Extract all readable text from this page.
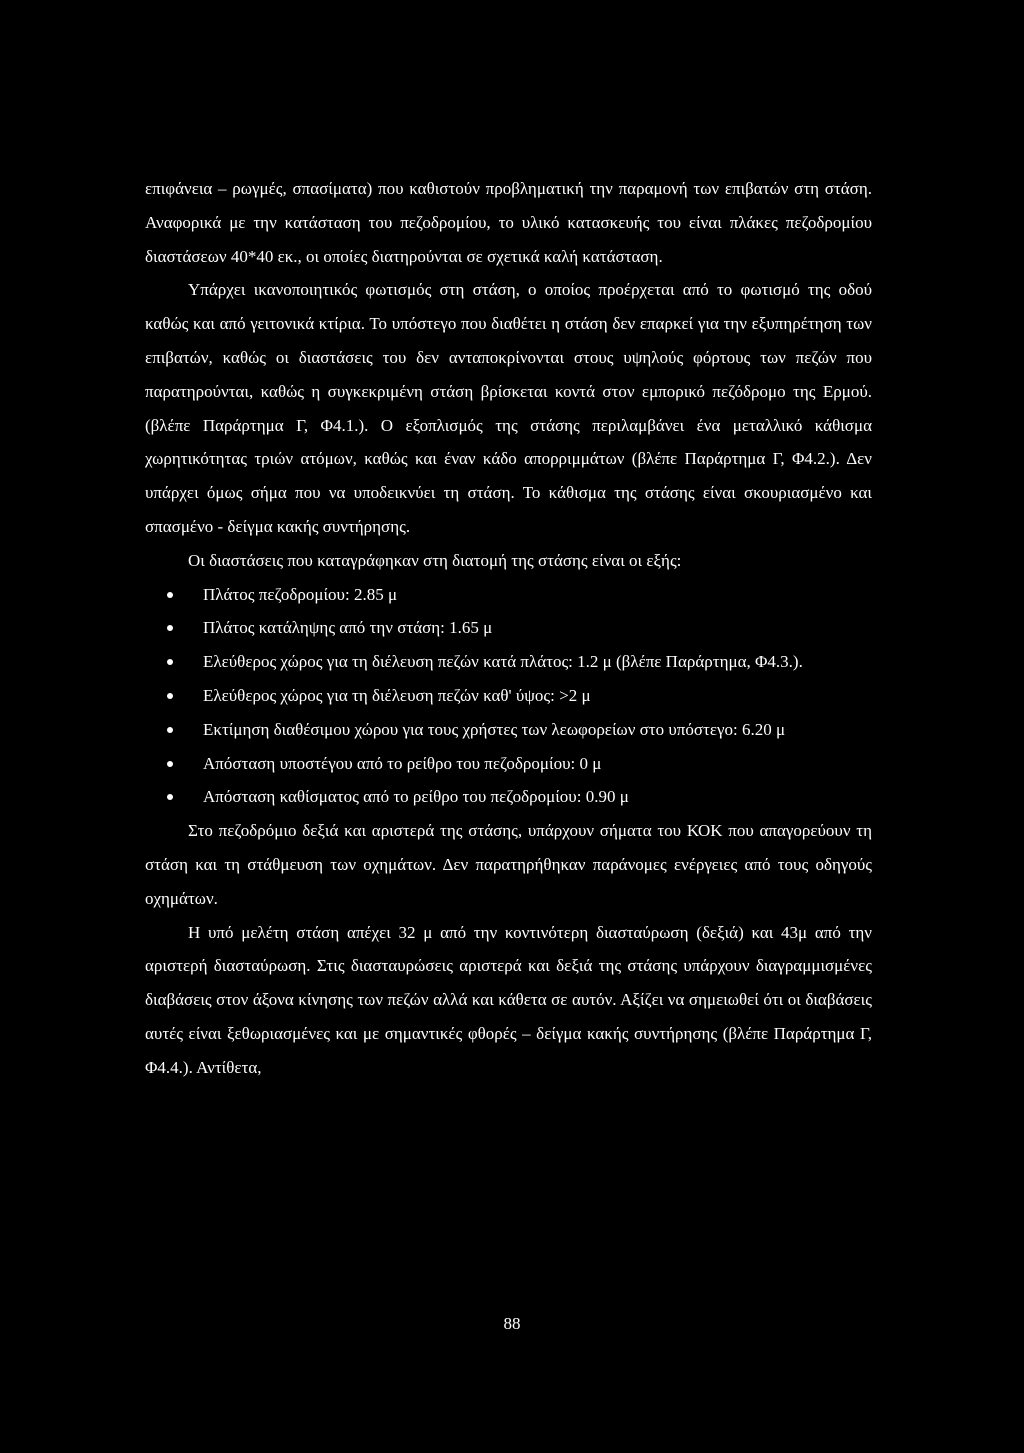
επιφάνεια – ρωγμές, σπασίματα) που καθιστούν προβληματική την παραμονή των επιβατών στη στάση. Αναφορικά με την κατάσταση του πεζοδρομίου, το υλικό κατασκευής του είναι πλάκες πεζοδρομίου διαστάσεων 40*40 εκ., οι οποίες διατηρούνται σε σχετικά καλή κατάσταση.

Υπάρχει ικανοποιητικός φωτισμός στη στάση, ο οποίος προέρχεται από το φωτισμό της οδού καθώς και από γειτονικά κτίρια. Το υπόστεγο που διαθέτει η στάση δεν επαρκεί για την εξυπηρέτηση των επιβατών, καθώς οι διαστάσεις του δεν ανταποκρίνονται στους υψηλούς φόρτους των πεζών που παρατηρούνται, καθώς η συγκεκριμένη στάση βρίσκεται κοντά στον εμπορικό πεζόδρομο της Ερμού. (βλέπε Παράρτημα Γ, Φ4.1.). Ο εξοπλισμός της στάσης περιλαμβάνει ένα μεταλλικό κάθισμα χωρητικότητας τριών ατόμων, καθώς και έναν κάδο απορριμμάτων (βλέπε Παράρτημα Γ, Φ4.2.). Δεν υπάρχει όμως σήμα που να υποδεικνύει τη στάση. Το κάθισμα της στάσης είναι σκουριασμένο και σπασμένο - δείγμα κακής συντήρησης.

Οι διαστάσεις που καταγράφηκαν στη διατομή της στάσης είναι οι εξής:

Πλάτος πεζοδρομίου: 2.85 μ
Πλάτος κατάληψης από την στάση: 1.65 μ
Ελεύθερος χώρος για τη διέλευση πεζών κατά πλάτος: 1.2 μ (βλέπε Παράρτημα, Φ4.3.).
Ελεύθερος χώρος για τη διέλευση πεζών καθ' ύψος: >2 μ
Εκτίμηση διαθέσιμου χώρου για τους χρήστες των λεωφορείων στο υπόστεγο: 6.20 μ
Απόσταση υποστέγου από το ρείθρο του πεζοδρομίου: 0 μ
Απόσταση καθίσματος από το ρείθρο του πεζοδρομίου: 0.90 μ

Στο πεζοδρόμιο δεξιά και αριστερά της στάσης, υπάρχουν σήματα του ΚΟΚ που απαγορεύουν τη στάση και τη στάθμευση των οχημάτων. Δεν παρατηρήθηκαν παράνομες ενέργειες από τους οδηγούς οχημάτων.

Η υπό μελέτη στάση απέχει 32 μ από την κοντινότερη διασταύρωση (δεξιά) και 43μ από την αριστερή διασταύρωση. Στις διασταυρώσεις αριστερά και δεξιά της στάσης υπάρχουν διαγραμμισμένες διαβάσεις στον άξονα κίνησης των πεζών αλλά και κάθετα σε αυτόν. Αξίζει να σημειωθεί ότι οι διαβάσεις αυτές είναι ξεθωριασμένες και με σημαντικές φθορές – δείγμα κακής συντήρησης (βλέπε Παράρτημα Γ, Φ4.4.). Αντίθετα,

88
